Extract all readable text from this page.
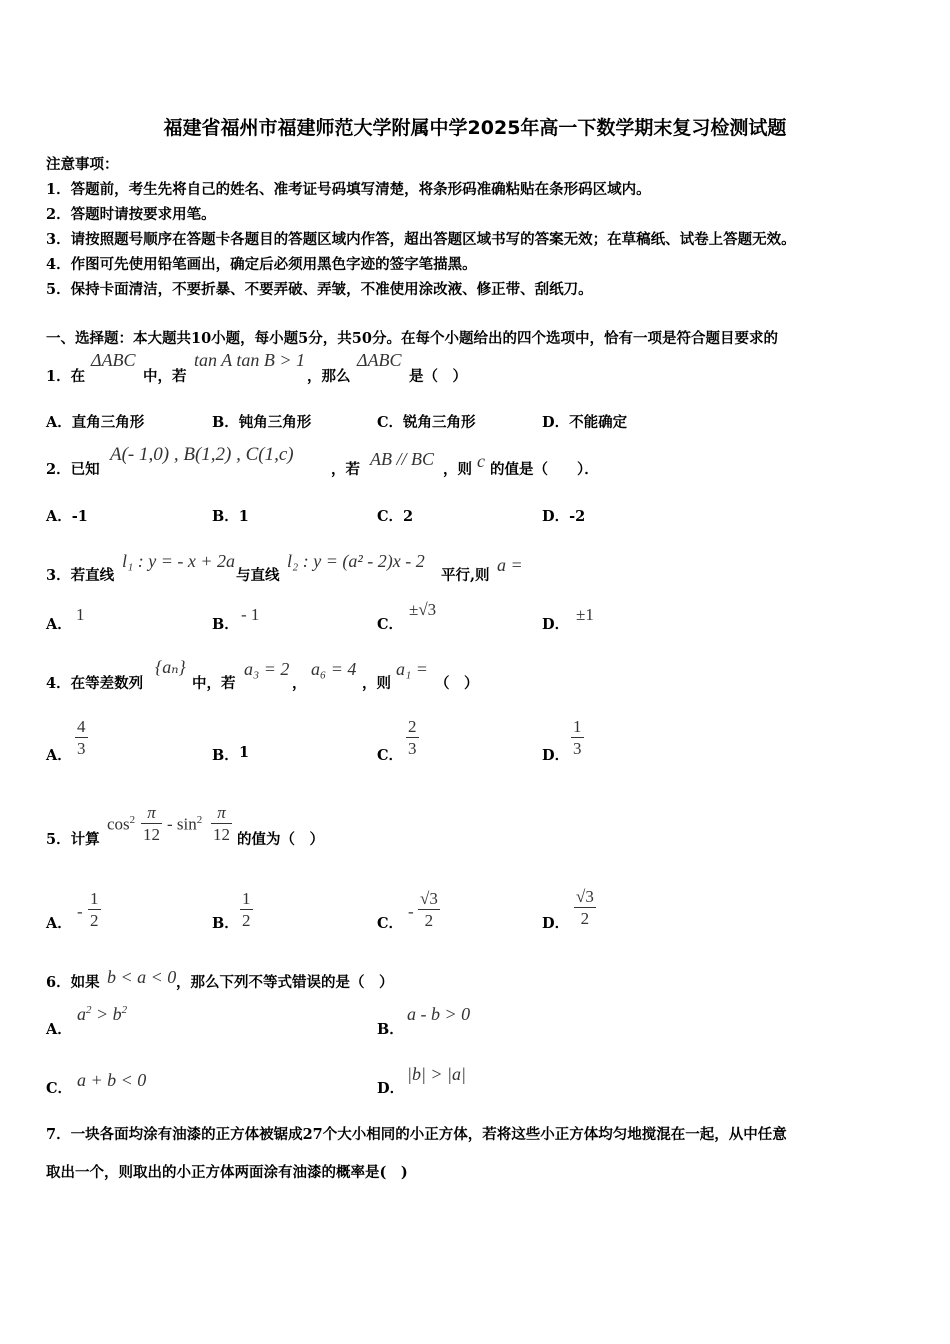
福建省福州市福建师范大学附属中学2025年高一下数学期末复习检测试题
注意事项：
1．答题前，考生先将自己的姓名、准考证号码填写清楚，将条形码准确粘贴在条形码区域内。
2．答题时请按要求用笔。
3．请按照题号顺序在答题卡各题目的答题区域内作答，超出答题区域书写的答案无效；在草稿纸、试卷上答题无效。
4．作图可先使用铅笔画出，确定后必须用黑色字迹的签字笔描黑。
5．保持卡面清洁，不要折暴、不要弄破、弄皱，不准使用涂改液、修正带、刮纸刀。
一、选择题：本大题共10小题，每小题5分，共50分。在每个小题给出的四个选项中，恰有一项是符合题目要求的
1．在
ΔABC
中，若
tan A tan B > 1
，那么
ΔABC
是（　）
A．直角三角形	B．钝角三角形	C．锐角三角形	D．不能确定
2．已知
A(- 1,0) , B(1,2) , C(1,c)
，若
AB // BC
，则 c 的值是（　　）．
A．-1	B．1	C．2	D．-2
3．若直线
l₁ : y = - x + 2a
与直线
l₂ : y = (a² - 2)x - 2
平行,则
a =
A．
1
B．
- 1
C．
±√3
D．
±1
4．在等差数列
{aₙ}
中，若
a₃ = 2
，
a₆ = 4
，则
a₁ =
（　）
A．
4
3	B． 1	C．
2
3	D．
1
3
5．计算
$\cos^2 \pi$
12
- $\sin^2 \pi$
12 的值为（　）
A．
-
1
2	B．
1
2	C．
-
√3
2	D．
√3
2
6．如果 b < a < 0 ，那么下列不等式错误的是（　）
A．
$a^2 > b^2$
B．
a - b > 0
C． a + b < 0	D．
|b| > |a|
7．一块各面均涂有油漆的正方体被锯成27个大小相同的小正方体，若将这些小正方体均匀地搅混在一起，从中任意
取出一个，则取出的小正方体两面涂有油漆的概率是(　)
